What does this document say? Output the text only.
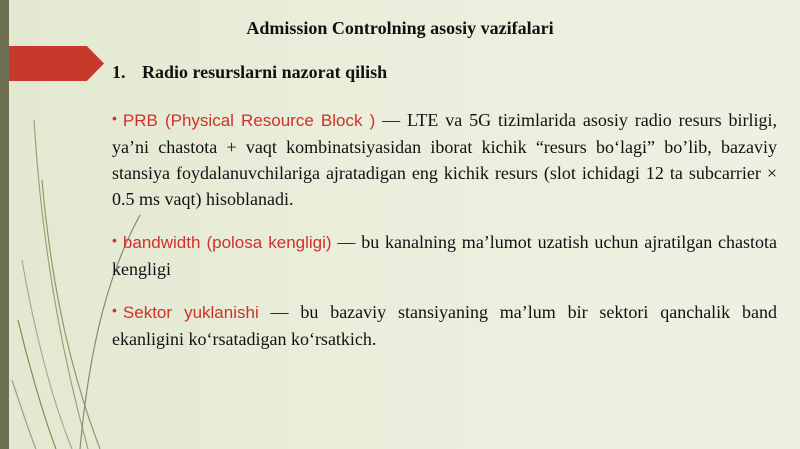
Admission Controlning asosiy vazifalari
1. Radio resurslarni nazorat qilish
• PRB (Physical Resource Block ) — LTE va 5G tizimlarida asosiy radio resurs birligi, ya’ni chastota + vaqt kombinatsiyasidan iborat kichik “resurs bo‘lagi” bo’lib, bazaviy stansiya foydalanuvchilariga ajratadigan eng kichik resurs (slot ichidagi 12 ta subcarrier × 0.5 ms vaqt) hisoblanadi.
• bandwidth (polosa kengligi) — bu kanalning ma’lumot uzatish uchun ajratilgan chastota kengligi
• Sektor yuklanishi — bu bazaviy stansiyaning ma’lum bir sektori qanchalik band ekanligini ko‘rsatadigan ko‘rsatkich.
